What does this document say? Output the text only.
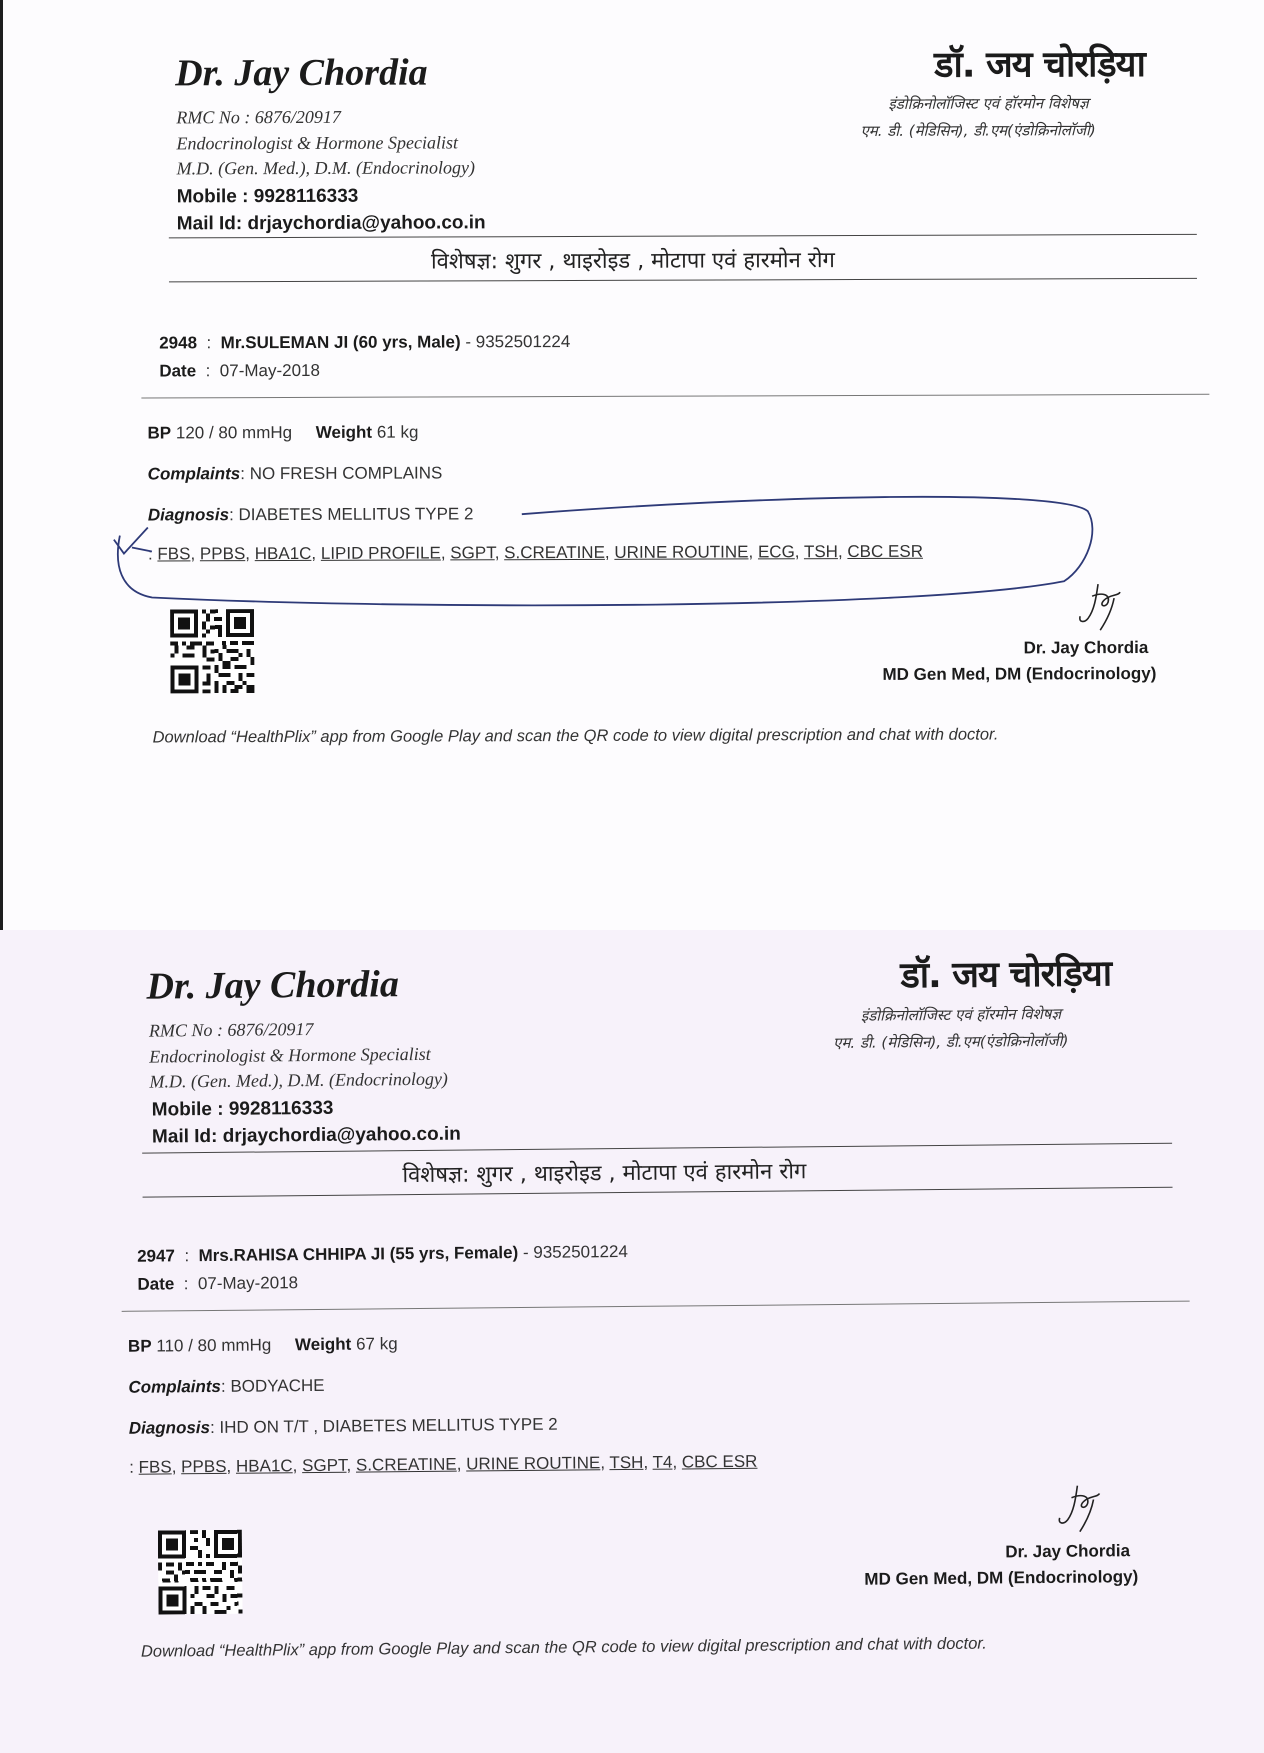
Dr. Jay Chordia
RMC No : 6876/20917
Endocrinologist & Hormone Specialist
M.D. (Gen. Med.), D.M. (Endocrinology)
Mobile : 9928116333
Mail Id: drjaychordia@yahoo.co.in
डॉ. जय चोरड़िया
इंडोक्रिनोलॉजिस्ट एवं हॉरमोन विशेषज्ञ
एम. डी. (मेडिसिन), डी.एम(एंडोक्रिनोलॉजी)
विशेषज्ञ: शुगर , थाइरोइड , मोटापा एवं हारमोन रोग
2948  :  Mr.SULEMAN JI (60 yrs, Male) - 9352501224
Date  :  07-May-2018
BP 120 / 80 mmHg Weight 61 kg
Complaints: NO FRESH COMPLAINS
Diagnosis: DIABETES MELLITUS TYPE 2
: FBS, PPBS, HBA1C, LIPID PROFILE, SGPT, S.CREATINE, URINE ROUTINE, ECG, TSH, CBC ESR
Dr. Jay Chordia
MD Gen Med, DM (Endocrinology)
Download “HealthPlix” app from Google Play and scan the QR code to view digital prescription and chat with doctor.
Dr. Jay Chordia
RMC No : 6876/20917
Endocrinologist & Hormone Specialist
M.D. (Gen. Med.), D.M. (Endocrinology)
Mobile : 9928116333
Mail Id: drjaychordia@yahoo.co.in
डॉ. जय चोरड़िया
इंडोक्रिनोलॉजिस्ट एवं हॉरमोन विशेषज्ञ
एम. डी. (मेडिसिन), डी.एम(एंडोक्रिनोलॉजी)
विशेषज्ञ: शुगर , थाइरोइड , मोटापा एवं हारमोन रोग
2947  :  Mrs.RAHISA CHHIPA JI (55 yrs, Female) - 9352501224
Date  :  07-May-2018
BP 110 / 80 mmHg Weight 67 kg
Complaints: BODYACHE
Diagnosis: IHD ON T/T , DIABETES MELLITUS TYPE 2
: FBS, PPBS, HBA1C, SGPT, S.CREATINE, URINE ROUTINE, TSH, T4, CBC ESR
Dr. Jay Chordia
MD Gen Med, DM (Endocrinology)
Download “HealthPlix” app from Google Play and scan the QR code to view digital prescription and chat with doctor.
